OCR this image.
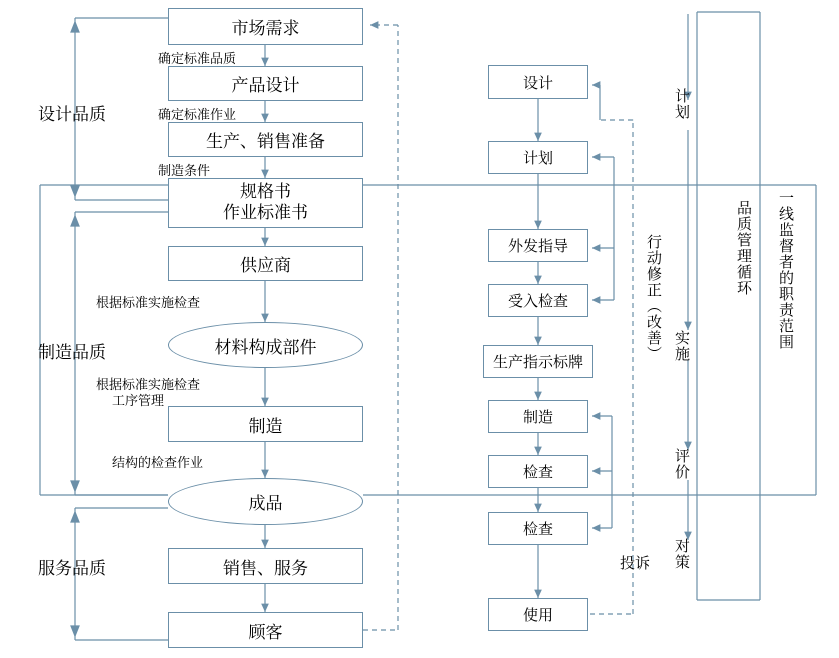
市场需求
产品设计
生产、销售准备
规格书
作业标准书
供应商
材料构成部件
制造
成品
销售、服务
顾客
确定标准品质
确定标准作业
制造条件
根据标准实施检查
根据标准实施检查
工序管理
结构的检查作业
设计品质
制造品质
服务品质
设计
计划
外发指导
受入检查
生产指示标牌
制造
检查
检查
使用
投诉
行动修正（改善）
计划
实施
评价
对策
品质管理循环 一线监督者的职责范围
